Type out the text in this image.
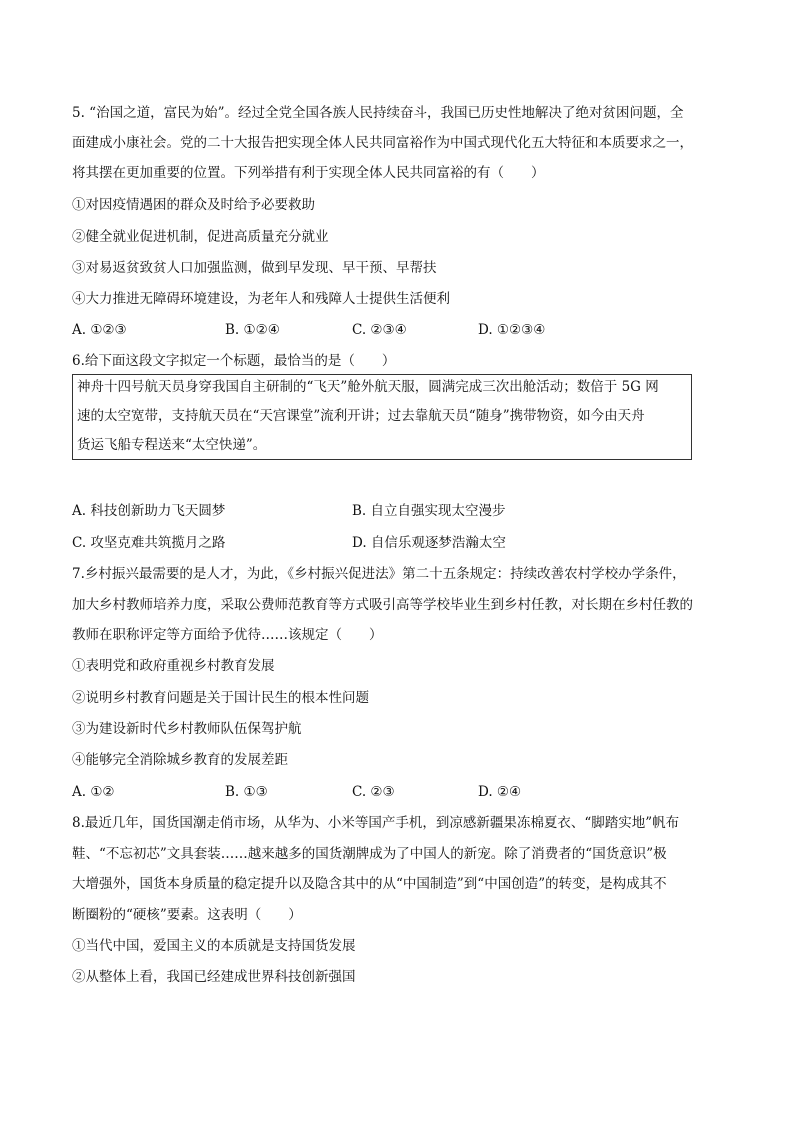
5. “治国之道，富民为始”。经过全党全国各族人民持续奋斗，我国已历史性地解决了绝对贫困问题，全
面建成小康社会。党的二十大报告把实现全体人民共同富裕作为中国式现代化五大特征和本质要求之一，
将其摆在更加重要的位置。下列举措有利于实现全体人民共同富裕的有（　　）
①对因疫情遇困的群众及时给予必要救助
②健全就业促进机制，促进高质量充分就业
③对易返贫致贫人口加强监测，做到早发现、早干预、早帮扶
④大力推进无障碍环境建设，为老年人和残障人士提供生活便利
A. ①②③	B. ①②④	C. ②③④	D. ①②③④
6.给下面这段文字拟定一个标题，最恰当的是（　　）
神舟十四号航天员身穿我国自主研制的“飞天”舱外航天服，圆满完成三次出舱活动；数倍于 5G 网
速的太空宽带，支持航天员在“天宫课堂”流利开讲；过去靠航天员“随身”携带物资，如今由天舟
货运飞船专程送来“太空快递”。
A. 科技创新助力飞天圆梦	B. 自立自强实现太空漫步
C. 攻坚克难共筑揽月之路	D. 自信乐观逐梦浩瀚太空
7.乡村振兴最需要的是人才，为此，《乡村振兴促进法》第二十五条规定：持续改善农村学校办学条件，
加大乡村教师培养力度，采取公费师范教育等方式吸引高等学校毕业生到乡村任教，对长期在乡村任教的
教师在职称评定等方面给予优待……该规定（　　）
①表明党和政府重视乡村教育发展
②说明乡村教育问题是关于国计民生的根本性问题
③为建设新时代乡村教师队伍保驾护航
④能够完全消除城乡教育的发展差距
A. ①②	B. ①③	C. ②③	D. ②④
8.最近几年，国货国潮走俏市场，从华为、小米等国产手机，到凉感新疆果冻棉夏衣、“脚踏实地”帆布
鞋、“不忘初芯”文具套装……越来越多的国货潮牌成为了中国人的新宠。除了消费者的“国货意识”极
大增强外，国货本身质量的稳定提升以及隐含其中的从“中国制造”到“中国创造”的转变，是构成其不
断圈粉的“硬核”要素。这表明（　　）
①当代中国，爱国主义的本质就是支持国货发展
②从整体上看，我国已经建成世界科技创新强国
